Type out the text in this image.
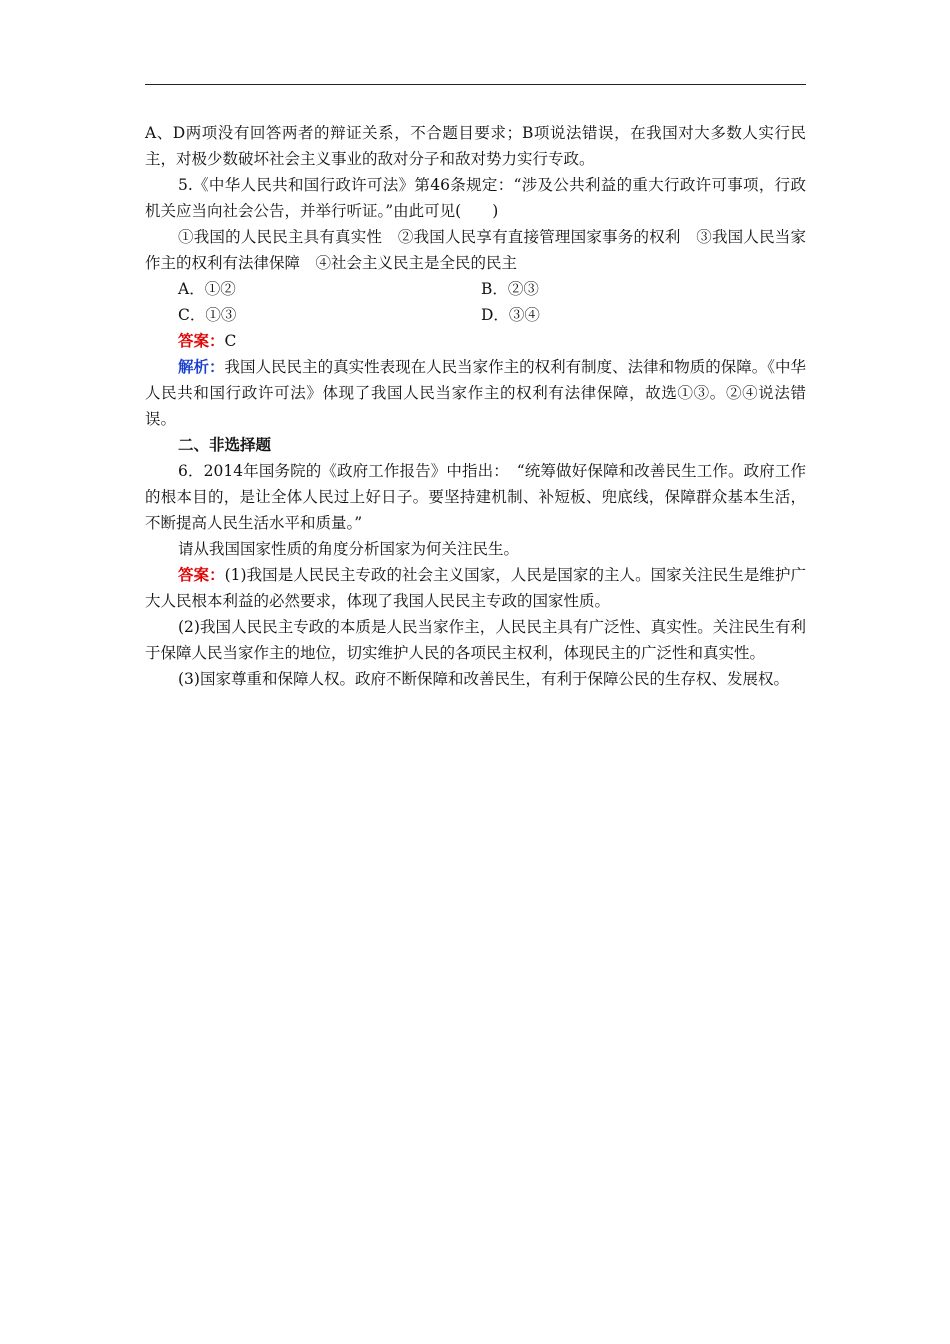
A、D两项没有回答两者的辩证关系，不合题目要求；B项说法错误，在我国对大多数人实行民主，对极少数破坏社会主义事业的敌对分子和敌对势力实行专政。

5.《中华人民共和国行政许可法》第46条规定：“涉及公共利益的重大行政许可事项，行政机关应当向社会公告，并举行听证。”由此可见(　　)

①我国的人民民主具有真实性　②我国人民享有直接管理国家事务的权利　③我国人民当家作主的权利有法律保障　④社会主义民主是全民的民主

A．①②	B．②③
C．①③	D．③④

答案：C

解析：我国人民民主的真实性表现在人民当家作主的权利有制度、法律和物质的保障。《中华人民共和国行政许可法》体现了我国人民当家作主的权利有法律保障，故选①③。②④说法错误。

二、非选择题

6．2014年国务院的《政府工作报告》中指出：　“统筹做好保障和改善民生工作。政府工作的根本目的，是让全体人民过上好日子。要坚持建机制、补短板、兜底线，保障群众基本生活，不断提高人民生活水平和质量。”

请从我国国家性质的角度分析国家为何关注民生。

答案：(1)我国是人民民主专政的社会主义国家，人民是国家的主人。国家关注民生是维护广大人民根本利益的必然要求，体现了我国人民民主专政的国家性质。

(2)我国人民民主专政的本质是人民当家作主，人民民主具有广泛性、真实性。关注民生有利于保障人民当家作主的地位，切实维护人民的各项民主权利，体现民主的广泛性和真实性。

(3)国家尊重和保障人权。政府不断保障和改善民生，有利于保障公民的生存权、发展权。
